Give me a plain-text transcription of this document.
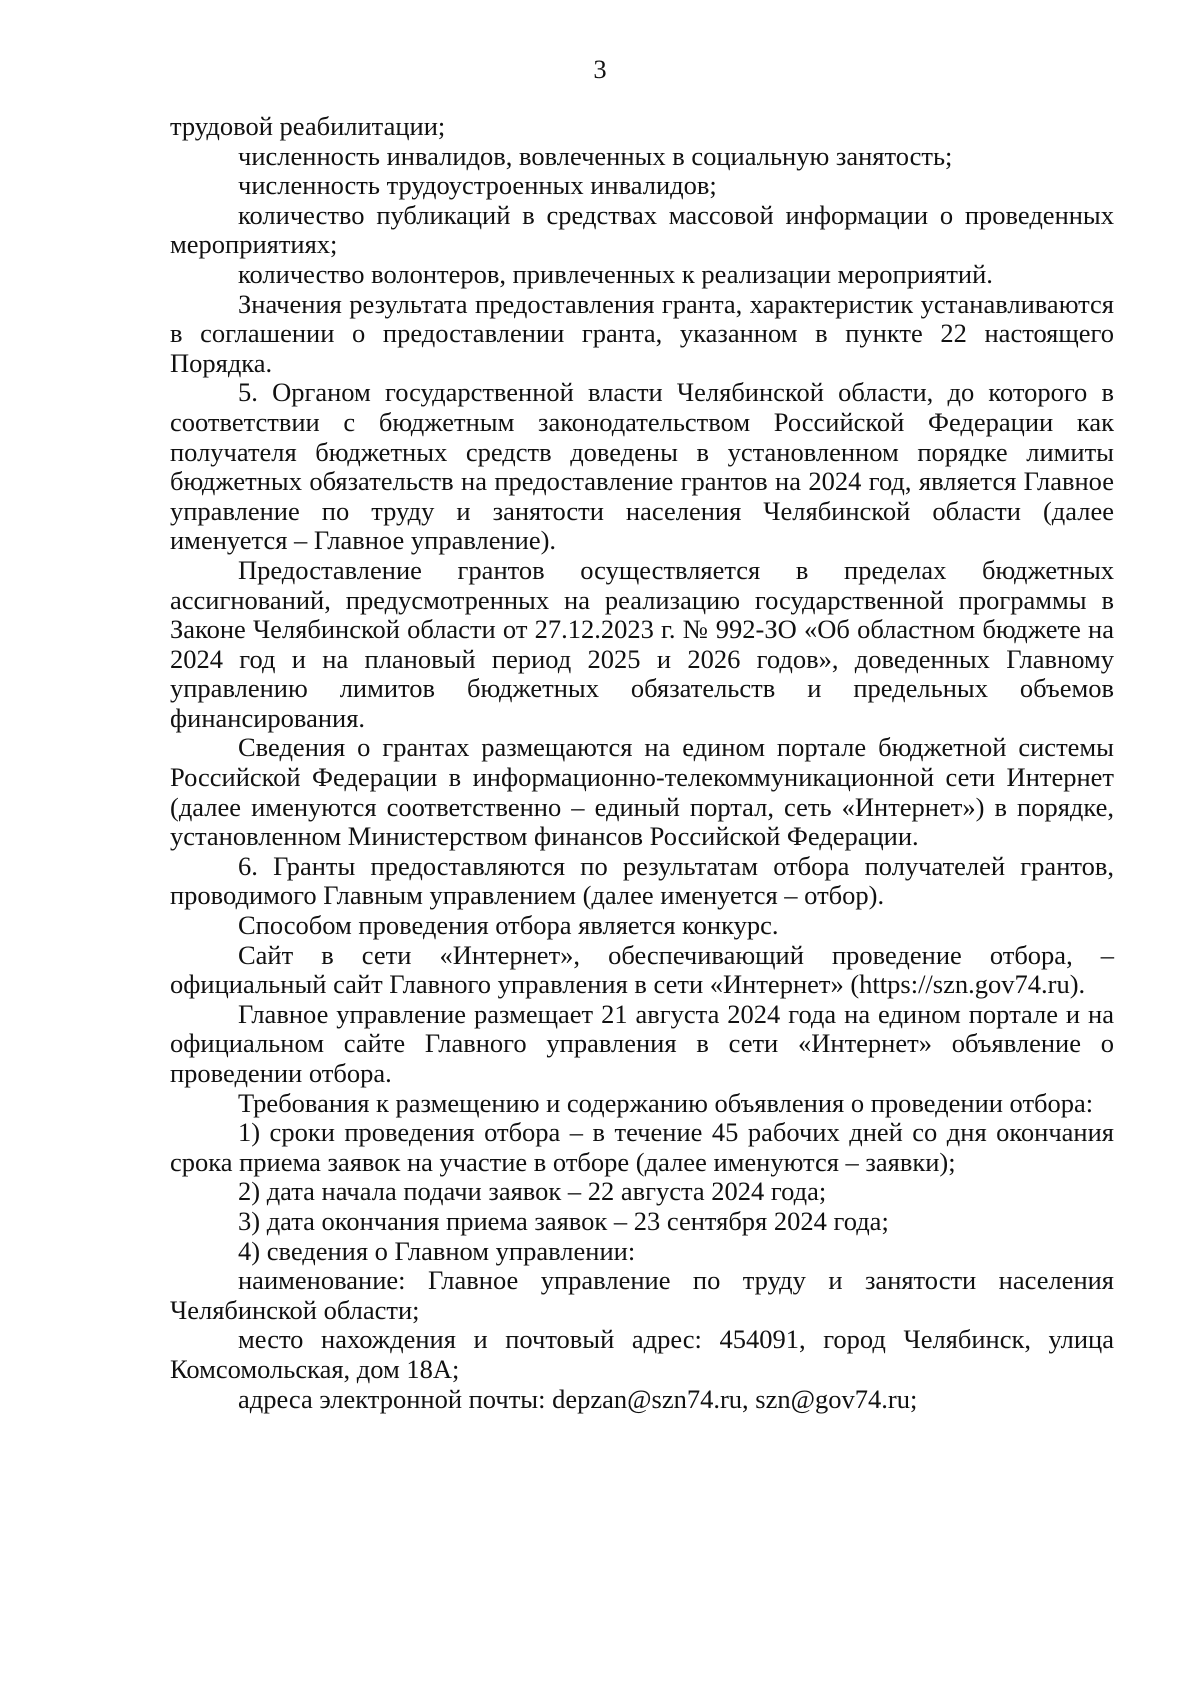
3

трудовой реабилитации;

численность инвалидов, вовлеченных в социальную занятость;

численность трудоустроенных инвалидов;

количество публикаций в средствах массовой информации о проведенных мероприятиях;

количество волонтеров, привлеченных к реализации мероприятий.

Значения результата предоставления гранта, характеристик устанавливаются в соглашении о предоставлении гранта, указанном в пункте 22 настоящего Порядка.

5. Органом государственной власти Челябинской области, до которого в соответствии с бюджетным законодательством Российской Федерации как получателя бюджетных средств доведены в установленном порядке лимиты бюджетных обязательств на предоставление грантов на 2024 год, является Главное управление по труду и занятости населения Челябинской области (далее именуется – Главное управление).

Предоставление грантов осуществляется в пределах бюджетных ассигнований, предусмотренных на реализацию государственной программы в Законе Челябинской области от 27.12.2023 г. № 992-ЗО «Об областном бюджете на 2024 год и на плановый период 2025 и 2026 годов», доведенных Главному управлению лимитов бюджетных обязательств и предельных объемов финансирования.

Сведения о грантах размещаются на едином портале бюджетной системы Российской Федерации в информационно-телекоммуникационной сети Интернет (далее именуются соответственно – единый портал, сеть «Интернет») в порядке, установленном Министерством финансов Российской Федерации.

6. Гранты предоставляются по результатам отбора получателей грантов, проводимого Главным управлением (далее именуется – отбор).

Способом проведения отбора является конкурс.

Сайт в сети «Интернет», обеспечивающий проведение отбора, – официальный сайт Главного управления в сети «Интернет» (https://szn.gov74.ru).

Главное управление размещает 21 августа 2024 года на едином портале и на официальном сайте Главного управления в сети «Интернет» объявление о проведении отбора.

Требования к размещению и содержанию объявления о проведении отбора:

1) сроки проведения отбора – в течение 45 рабочих дней со дня окончания срока приема заявок на участие в отборе (далее именуются – заявки);

2) дата начала подачи заявок – 22 августа 2024 года;

3) дата окончания приема заявок – 23 сентября 2024 года;

4) сведения о Главном управлении:

наименование: Главное управление по труду и занятости населения Челябинской области;

место нахождения и почтовый адрес: 454091, город Челябинск, улица Комсомольская, дом 18А;

адреса электронной почты: depzan@szn74.ru, szn@gov74.ru;
